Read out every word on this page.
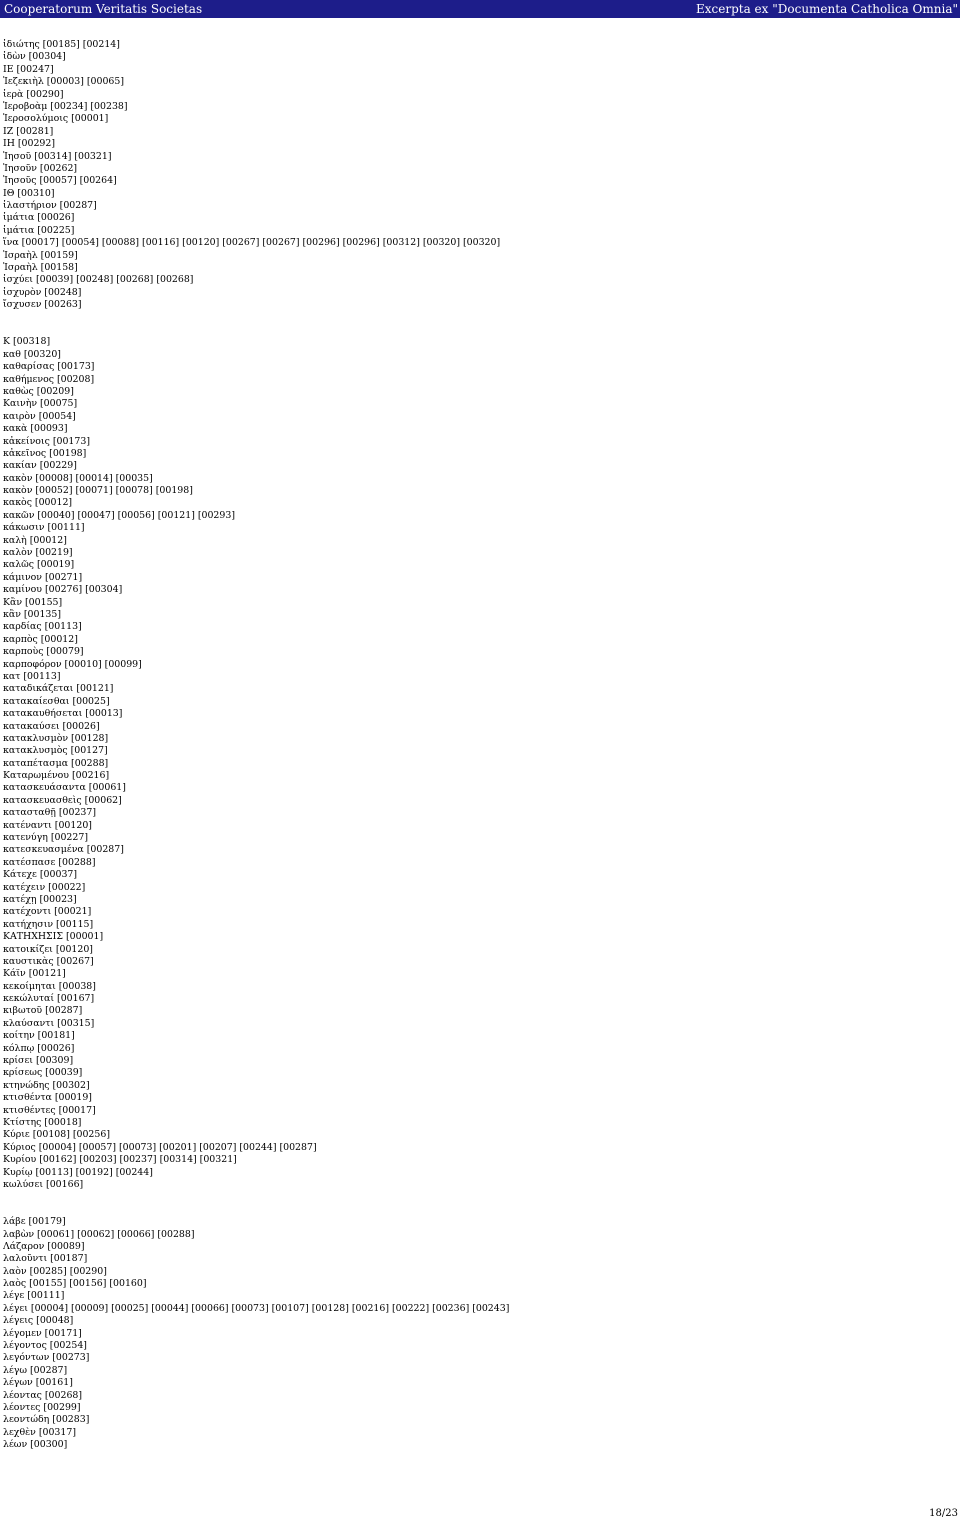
Cooperatorum Veritatis Societas	Excerpta ex "Documenta Catholica Omnia"
ἰδιώτης [00185] [00214]
ἰδὼν [00304]
ΙΕ [00247]
Ἰεζεκιὴλ [00003] [00065]
ἱερὰ [00290]
Ἱεροβοὰμ [00234] [00238]
Ἱεροσολύμοις [00001]
ΙΖ [00281]
ΙΗ [00292]
Ἰησοῦ [00314] [00321]
Ἰησοῦν [00262]
Ἰησοῦς [00057] [00264]
ΙΘ [00310]
ἱλαστήριον [00287]
ἱμάτια [00026]
ἱμάτια [00225]
ἵνα [00017] [00054] [00088] [00116] [00120] [00267] [00267] [00296] [00296] [00312] [00320] [00320]
Ἰσραὴλ [00159]
Ἰσραὴλ [00158]
ἰσχύει [00039] [00248] [00268] [00268]
ἰσχυρὸν [00248]
ἴσχυσεν [00263]
Κ [00318]
καθ [00320]
καθαρίσας [00173]
καθήμενος [00208]
καθὼς [00209]
Καινὴν [00075]
καιρὸν [00054]
κακὰ [00093]
κἀκείνοις [00173]
κἀκεῖνος [00198]
κακίαν [00229]
κακὸν [00008] [00014] [00035]
κακὸν [00052] [00071] [00078] [00198]
κακὸς [00012]
κακῶν [00040] [00047] [00056] [00121] [00293]
κάκωσιν [00111]
καλὴ [00012]
καλὸν [00219]
καλῶς [00019]
κάμινον [00271]
καμίνου [00276] [00304]
Κἂν [00155]
κἂν [00135]
καρδίας [00113]
καρπὸς [00012]
καρποὺς [00079]
καρποφόρον [00010] [00099]
κατ [00113]
καταδικάζεται [00121]
κατακαίεσθαι [00025]
κατακαυθήσεται [00013]
κατακαύσει [00026]
κατακλυσμὸν [00128]
κατακλυσμὸς [00127]
καταπέτασμα [00288]
Καταρωμένου [00216]
κατασκευάσαντα [00061]
κατασκευασθεὶς [00062]
κατασταθῇ [00237]
κατέναντι [00120]
κατενύγη [00227]
κατεσκευασμένα [00287]
κατέσπασε [00288]
Κάτεχε [00037]
κατέχειν [00022]
κατέχῃ [00023]
κατέχοντι [00021]
κατήχησιν [00115]
ΚΑΤΗΧΗΣΙΣ [00001]
κατοικίζει [00120]
καυστικὰς [00267]
Κάϊν [00121]
κεκοίμηται [00038]
κεκώλυταί [00167]
κιβωτοῦ [00287]
κλαύσαντι [00315]
κοίτην [00181]
κόλπῳ [00026]
κρίσει [00309]
κρίσεως [00039]
κτηνώδης [00302]
κτισθέντα [00019]
κτισθέντες [00017]
Κτίστης [00018]
Κύριε [00108] [00256]
Κύριος [00004] [00057] [00073] [00201] [00207] [00244] [00287]
Κυρίου [00162] [00203] [00237] [00314] [00321]
Κυρίῳ [00113] [00192] [00244]
κωλύσει [00166]
λάβε [00179]
λαβὼν [00061] [00062] [00066] [00288]
Λάζαρον [00089]
λαλοῦντι [00187]
λαὸν [00285] [00290]
λαὸς [00155] [00156] [00160]
λέγε [00111]
λέγει [00004] [00009] [00025] [00044] [00066] [00073] [00107] [00128] [00216] [00222] [00236] [00243]
λέγεις [00048]
λέγομεν [00171]
λέγοντος [00254]
λεγόντων [00273]
λέγω [00287]
λέγων [00161]
λέοντας [00268]
λέοντες [00299]
λεοντώδη [00283]
λεχθὲν [00317]
λέων [00300]
18/23
